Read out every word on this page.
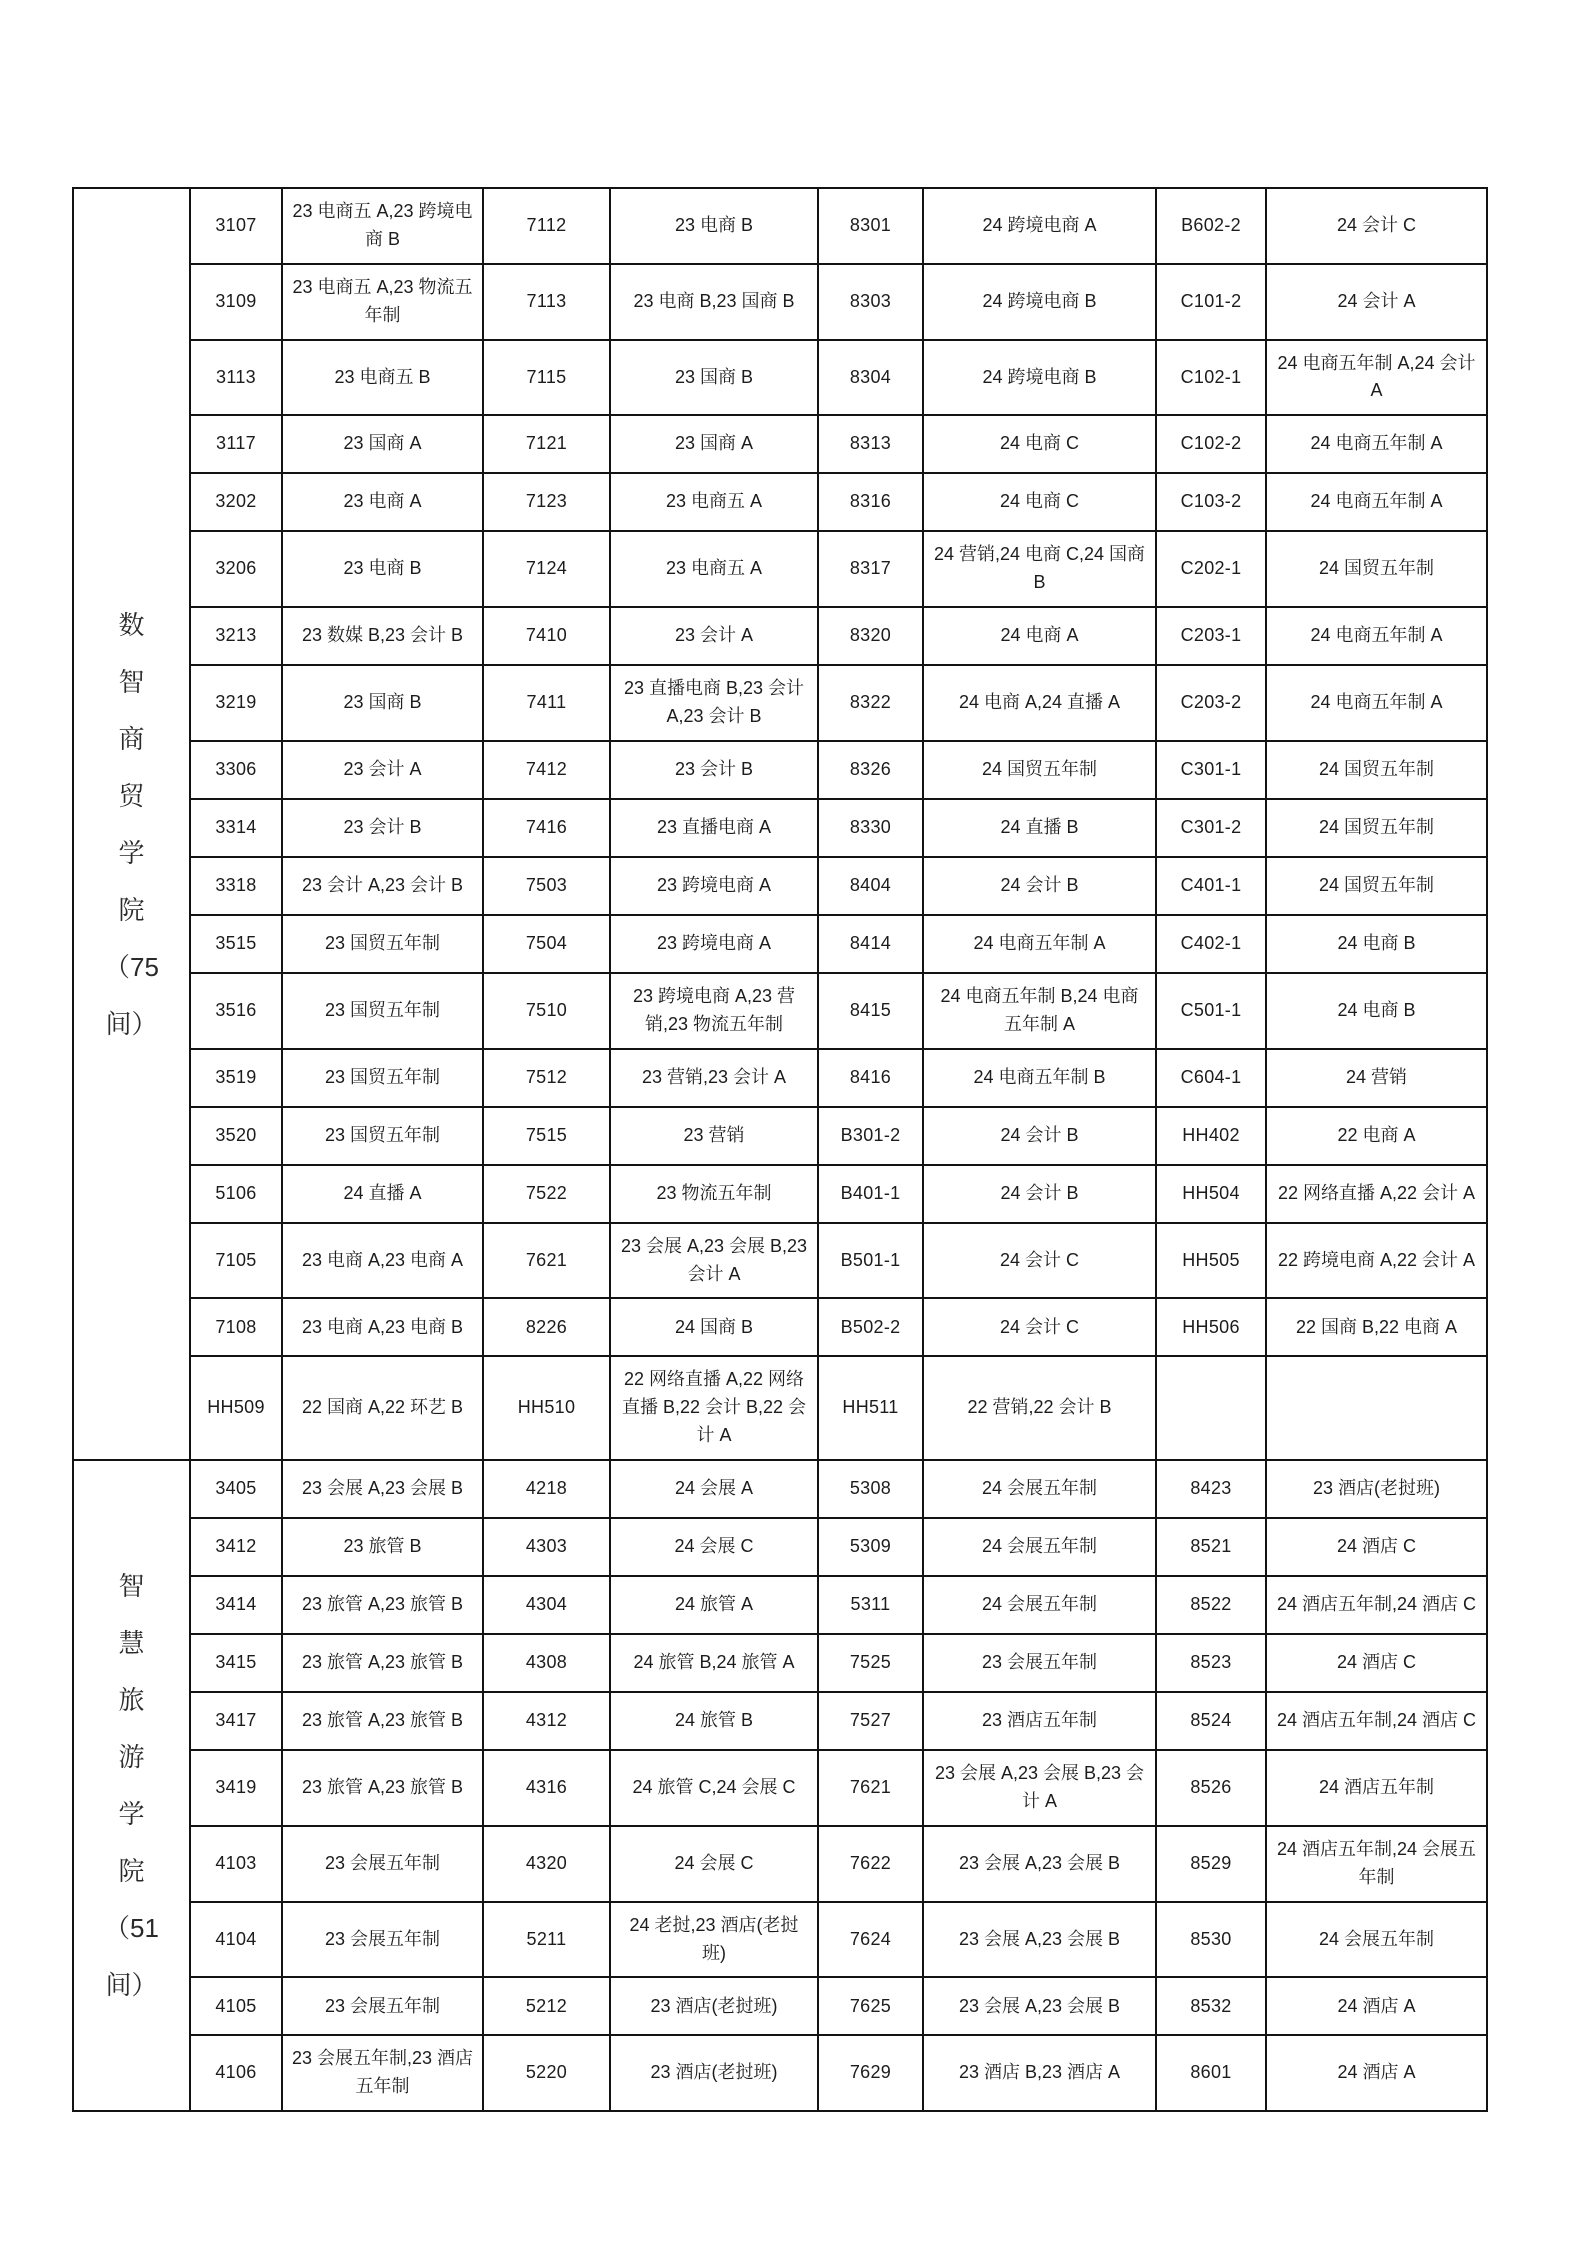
数
智
商
贸
学
院
（75
间）
	3107	23 电商五 A,23 跨境电商 B	7112	23 电商 B	8301	24 跨境电商 A	B602-2	24 会计 C
	3109	23 电商五 A,23 物流五年制	7113	23 电商 B,23 国商 B	8303	24 跨境电商 B	C101-2	24 会计 A
	3113	23 电商五 B	7115	23 国商 B	8304	24 跨境电商 B	C102-1	24 电商五年制 A,24 会计 A
	3117	23 国商 A	7121	23 国商 A	8313	24 电商 C	C102-2	24 电商五年制 A
	3202	23 电商 A	7123	23 电商五 A	8316	24 电商 C	C103-2	24 电商五年制 A
	3206	23 电商 B	7124	23 电商五 A	8317	24 营销,24 电商 C,24 国商 B	C202-1	24 国贸五年制
	3213	23 数媒 B,23 会计 B	7410	23 会计 A	8320	24 电商 A	C203-1	24 电商五年制 A
	3219	23 国商 B	7411	23 直播电商 B,23 会计 A,23 会计 B	8322	24 电商 A,24 直播 A	C203-2	24 电商五年制 A
	3306	23 会计 A	7412	23 会计 B	8326	24 国贸五年制	C301-1	24 国贸五年制
	3314	23 会计 B	7416	23 直播电商 A	8330	24 直播 B	C301-2	24 国贸五年制
	3318	23 会计 A,23 会计 B	7503	23 跨境电商 A	8404	24 会计 B	C401-1	24 国贸五年制
	3515	23 国贸五年制	7504	23 跨境电商 A	8414	24 电商五年制 A	C402-1	24 电商 B
	3516	23 国贸五年制	7510	23 跨境电商 A,23 营销,23 物流五年制	8415	24 电商五年制 B,24 电商五年制 A	C501-1	24 电商 B
	3519	23 国贸五年制	7512	23 营销,23 会计 A	8416	24 电商五年制 B	C604-1	24 营销
	3520	23 国贸五年制	7515	23 营销	B301-2	24 会计 B	HH402	22 电商 A
	5106	24 直播 A	7522	23 物流五年制	B401-1	24 会计 B	HH504	22 网络直播 A,22 会计 A
	7105	23 电商 A,23 电商 A	7621	23 会展 A,23 会展 B,23 会计 A	B501-1	24 会计 C	HH505	22 跨境电商 A,22 会计 A
	7108	23 电商 A,23 电商 B	8226	24 国商 B	B502-2	24 会计 C	HH506	22 国商 B,22 电商 A
	HH509	22 国商 A,22 环艺 B	HH510	22 网络直播 A,22 网络直播 B,22 会计 B,22 会计 A	HH511	22 营销,22 会计 B		

智
慧
旅
游
学
院
（51
间）
	3405	23 会展 A,23 会展 B	4218	24 会展 A	5308	24 会展五年制	8423	23 酒店(老挝班)
	3412	23 旅管 B	4303	24 会展 C	5309	24 会展五年制	8521	24 酒店 C
	3414	23 旅管 A,23 旅管 B	4304	24 旅管 A	5311	24 会展五年制	8522	24 酒店五年制,24 酒店 C
	3415	23 旅管 A,23 旅管 B	4308	24 旅管 B,24 旅管 A	7525	23 会展五年制	8523	24 酒店 C
	3417	23 旅管 A,23 旅管 B	4312	24 旅管 B	7527	23 酒店五年制	8524	24 酒店五年制,24 酒店 C
	3419	23 旅管 A,23 旅管 B	4316	24 旅管 C,24 会展 C	7621	23 会展 A,23 会展 B,23 会计 A	8526	24 酒店五年制
	4103	23 会展五年制	4320	24 会展 C	7622	23 会展 A,23 会展 B	8529	24 酒店五年制,24 会展五年制
	4104	23 会展五年制	5211	24 老挝,23 酒店(老挝班)	7624	23 会展 A,23 会展 B	8530	24 会展五年制
	4105	23 会展五年制	5212	23 酒店(老挝班)	7625	23 会展 A,23 会展 B	8532	24 酒店 A
	4106	23 会展五年制,23 酒店五年制	5220	23 酒店(老挝班)	7629	23 酒店 B,23 酒店 A	8601	24 酒店 A
